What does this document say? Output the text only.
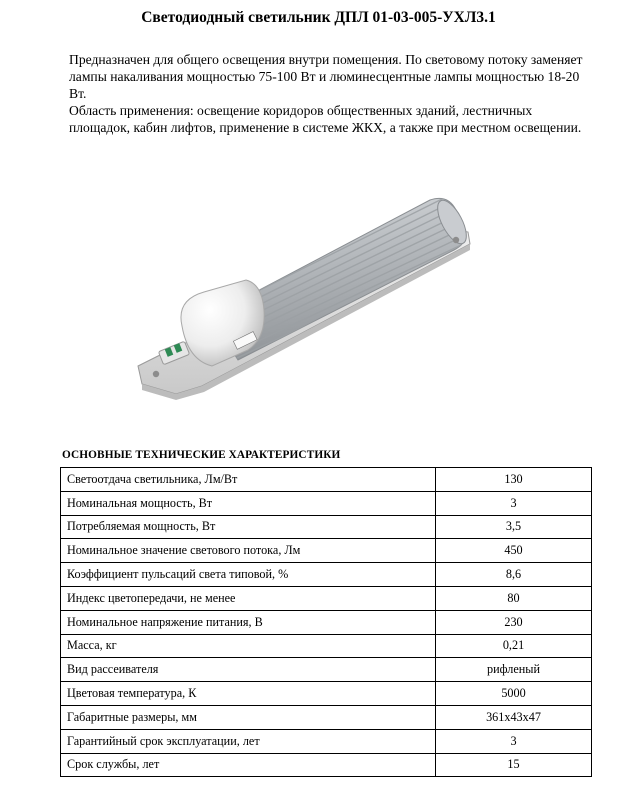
Светодиодный светильник ДПЛ 01-03-005-УХЛ3.1

Предназначен для общего освещения внутри помещения. По световому потоку заменяет лампы накаливания мощностью 75-100 Вт и люминесцентные лампы мощностью 18-20 Вт.

Область применения: освещение коридоров общественных зданий, лестничных площадок, кабин лифтов, применение в системе ЖКХ, а также при местном освещении.

ОСНОВНЫЕ ТЕХНИЧЕСКИЕ ХАРАКТЕРИСТИКИ
Светоотдача светильника, Лм/Вт	130
Номинальная мощность, Вт	3
Потребляемая мощность, Вт	3,5
Номинальное значение светового потока, Лм	450
Коэффициент пульсаций света типовой, %	8,6
Индекс цветопередачи, не менее	80
Номинальное напряжение питания, В	230
Масса, кг	0,21
Вид рассеивателя	рифленый
Цветовая температура, К	5000
Габаритные размеры, мм	361х43х47
Гарантийный срок эксплуатации, лет	3
Срок службы, лет	15
